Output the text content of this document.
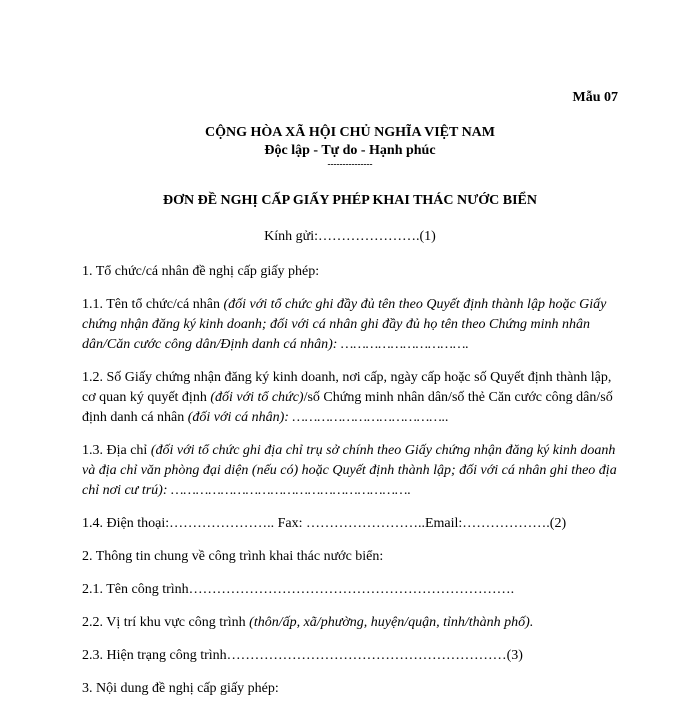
Mẫu 07
CỘNG HÒA XÃ HỘI CHỦ NGHĨA VIỆT NAM
Độc lập - Tự do - Hạnh phúc
---------------
ĐƠN ĐỀ NGHỊ CẤP GIẤY PHÉP KHAI THÁC NƯỚC BIỂN
Kính gửi:………………….(1)

1. Tổ chức/cá nhân đề nghị cấp giấy phép:

1.1. Tên tổ chức/cá nhân (đối với tổ chức ghi đầy đủ tên theo Quyết định thành lập hoặc Giấy chứng nhận đăng ký kinh doanh; đối với cá nhân ghi đầy đủ họ tên theo Chứng minh nhân dân/Căn cước công dân/Định danh cá nhân): ………………………….

1.2. Số Giấy chứng nhận đăng ký kinh doanh, nơi cấp, ngày cấp hoặc số Quyết định thành lập, cơ quan ký quyết định (đối với tổ chức)/số Chứng minh nhân dân/số thẻ Căn cước công dân/số định danh cá nhân (đối với cá nhân): ………………………………..

1.3. Địa chỉ (đối với tổ chức ghi địa chỉ trụ sở chính theo Giấy chứng nhận đăng ký kinh doanh và địa chỉ văn phòng đại diện (nếu có) hoặc Quyết định thành lập; đối với cá nhân ghi theo địa chỉ nơi cư trú): ………………………………………………….

1.4. Điện thoại:………………….. Fax: ……………………..Email:……………….(2)

2. Thông tin chung về công trình khai thác nước biển:

2.1. Tên công trình…………………………………………………………….

2.2. Vị trí khu vực công trình (thôn/ấp, xã/phường, huyện/quận, tỉnh/thành phố).

2.3. Hiện trạng công trình……………………………………………………(3)

3. Nội dung đề nghị cấp giấy phép:
